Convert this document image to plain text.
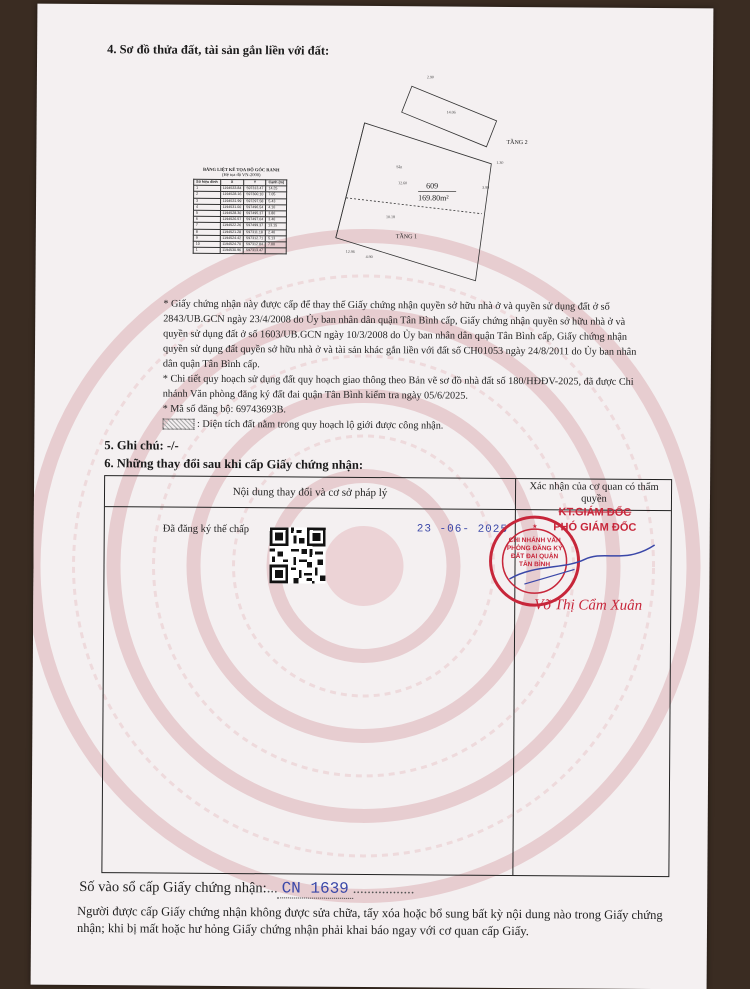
4. Sơ đồ thửa đất, tài sản gắn liền với đất:
609
169.80m²
TẦNG 1
TẦNG 2
Sân
12.60
10.18
14.06
3.99
2.90
12.96
1.30
4.90
BẢNG LIỆT KÊ TỌA ĐỘ GÓC RANH
(Hệ tọa độ VN-2000)
Số hiệu đỉnh	X	Y	Cạnh (m)
1	1194533.84	597313.47	14.25
2	1194528.16	597300.10	7.05
3	1194531.99	597297.58	5.43
4	1194531.00	597496.54	4.10
5	1194528.30	597495.37	3.80
6	1194526.57	597497.04	3.40
7	1194522.26	597499.37	13.15
8	1194521.28	597311.18	2.40
9	1194524.42	597312.71	5.13
10	1194524.70	597312.84	7.00
1	1194530.96	597313.47	

* Giấy chứng nhận này được cấp để thay thế Giấy chứng nhận quyền sở hữu nhà ở và quyền sử dụng đất ở số 2843/UB.GCN ngày 23/4/2008 do Ủy ban nhân dân quận Tân Bình cấp, Giấy chứng nhận quyền sở hữu nhà ở và quyền sử dụng đất ở số 1603/UB.GCN ngày 10/3/2008 do Ủy ban nhân dân quận Tân Bình cấp, Giấy chứng nhận quyền sử dụng đất quyền sở hữu nhà ở và tài sản khác gắn liền với đất số CH01053 ngày 24/8/2011 do Ủy ban nhân dân quận Tân Bình cấp.

* Chi tiết quy hoạch sử dụng đất quy hoạch giao thông theo Bản vẽ sơ đồ nhà đất số 180/HĐĐV-2025, đã được Chi nhánh Văn phòng đăng ký đất đai quận Tân Bình kiểm tra ngày 05/6/2025.

* Mã số đăng bộ: 69743693B.

: Diện tích đất nằm trong quy hoạch lộ giới được công nhận.

5. Ghi chú: -/-
6. Những thay đổi sau khi cấp Giấy chứng nhận:
Nội dung thay đổi và cơ sở pháp lý	Xác nhận của cơ quan có thẩm quyền
Đã đăng ký thế chấp	23 -06- 2025
KT.GIÁM ĐỐC
PHÓ GIÁM ĐỐC
★
CHI NHÁNH VĂN PHÒNG ĐĂNG KÝ ĐẤT ĐAI QUẬN TÂN BÌNH
Võ Thị Cẩm Xuân
Số vào sổ cấp Giấy chứng nhận:... CN 1639 .................
Người được cấp Giấy chứng nhận không được sửa chữa, tẩy xóa hoặc bổ sung bất kỳ nội dung nào trong Giấy chứng nhận; khi bị mất hoặc hư hỏng Giấy chứng nhận phải khai báo ngay với cơ quan cấp Giấy.
